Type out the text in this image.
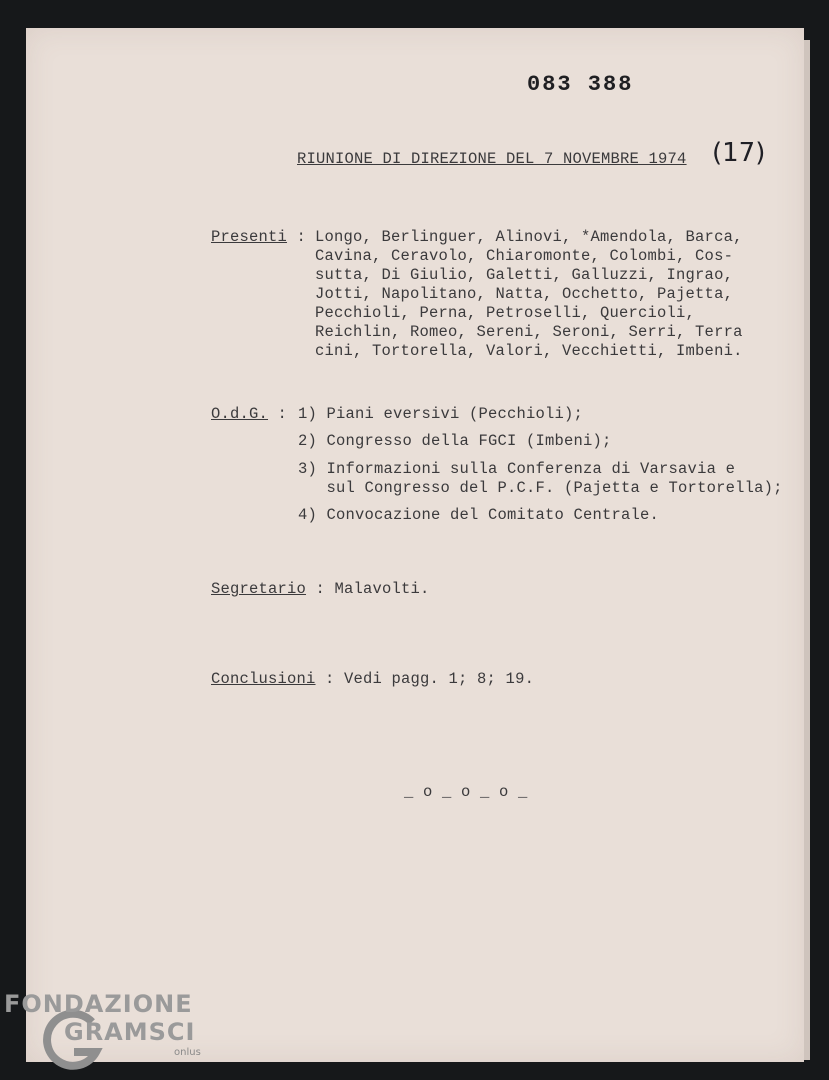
083 388
RIUNIONE DI DIREZIONE DEL 7 NOVEMBRE 1974 (17)
Presenti : Longo, Berlinguer, Alinovi, *Amendola, Barca,
Cavina, Ceravolo, Chiaromonte, Colombi, Cos-
sutta, Di Giulio, Galetti, Galluzzi, Ingrao,
Jotti, Napolitano, Natta, Occhetto, Pajetta,
Pecchioli, Perna, Petroselli, Quercioli,
Reichlin, Romeo, Sereni, Seroni, Serri, Terra
cini, Tortorella, Valori, Vecchietti, Imbeni.
O.d.G. : 1) Piani eversivi (Pecchioli);
2) Congresso della FGCI (Imbeni);
3) Informazioni sulla Conferenza di Varsavia e
sul Congresso del P.C.F. (Pajetta e Tortorella);
4) Convocazione del Comitato Centrale.
Segretario : Malavolti.
Conclusioni : Vedi pagg. 1; 8; 19.
_ o _ o _ o _
FONDAZIONE
GRAMSCI
onlus
